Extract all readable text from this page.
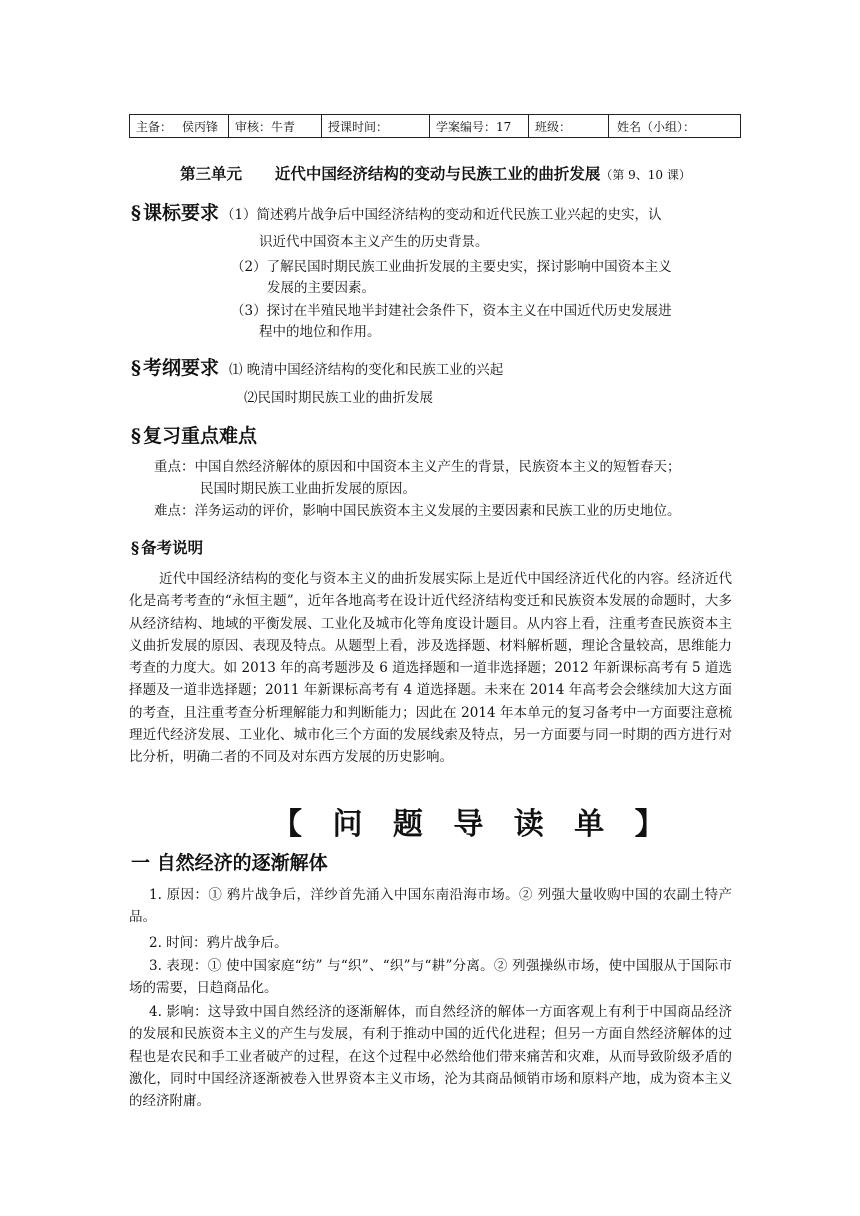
主备： 侯丙锋	审核：牛青	授课时间：	学案编号：17	班级：	姓名（小组）：
第三单元 近代中国经济结构的变动与民族工业的曲折发展（第 9、10 课）
§ 课标要求 （1）简述鸦片战争后中国经济结构的变动和近代民族工业兴起的史实，认
识近代中国资本主义产生的历史背景。
（2）了解民国时期民族工业曲折发展的主要史实，探讨影响中国资本主义
发展的主要因素。
（3）探讨在半殖民地半封建社会条件下，资本主义在中国近代历史发展进
程中的地位和作用。
§ 考纲要求 ⑴ 晚清中国经济结构的变化和民族工业的兴起
⑵民国时期民族工业的曲折发展
§ 复习重点难点
重点：中国自然经济解体的原因和中国资本主义产生的背景，民族资本主义的短暂春天；
民国时期民族工业曲折发展的原因。
难点：洋务运动的评价，影响中国民族资本主义发展的主要因素和民族工业的历史地位。
§ 备考说明
近代中国经济结构的变化与资本主义的曲折发展实际上是近代中国经济近代化的内容。经济近代化是高考考查的“永恒主题”，近年各地高考在设计近代经济结构变迁和民族资本发展的命题时，大多从经济结构、地域的平衡发展、工业化及城市化等角度设计题目。从内容上看，注重考查民族资本主义曲折发展的原因、表现及特点。从题型上看，涉及选择题、材料解析题，理论含量较高，思维能力考查的力度大。如 2013 年的高考题涉及 6 道选择题和一道非选择题；2012 年新课标高考有 5 道选择题及一道非选择题；2011 年新课标高考有 4 道选择题。未来在 2014 年高考会会继续加大这方面的考查，且注重考查分析理解能力和判断能力；因此在 2014 年本单元的复习备考中一方面要注意梳理近代经济发展、工业化、城市化三个方面的发展线索及特点，另一方面要与同一时期的西方进行对比分析，明确二者的不同及对东西方发展的历史影响。
【 问 题 导 读 单 】
一 自然经济的逐渐解体
1. 原因：① 鸦片战争后，洋纱首先涌入中国东南沿海市场。② 列强大量收购中国的农副土特产品。
2. 时间：鸦片战争后。
3. 表现：① 使中国家庭“纺” 与“织”、“织”与“耕”分离。② 列强操纵市场，使中国服从于国际市场的需要，日趋商品化。
4. 影响：这导致中国自然经济的逐渐解体，而自然经济的解体一方面客观上有利于中国商品经济的发展和民族资本主义的产生与发展，有利于推动中国的近代化进程；但另一方面自然经济解体的过程也是农民和手工业者破产的过程，在这个过程中必然给他们带来痛苦和灾难，从而导致阶级矛盾的激化，同时中国经济逐渐被卷入世界资本主义市场，沦为其商品倾销市场和原料产地，成为资本主义的经济附庸。
